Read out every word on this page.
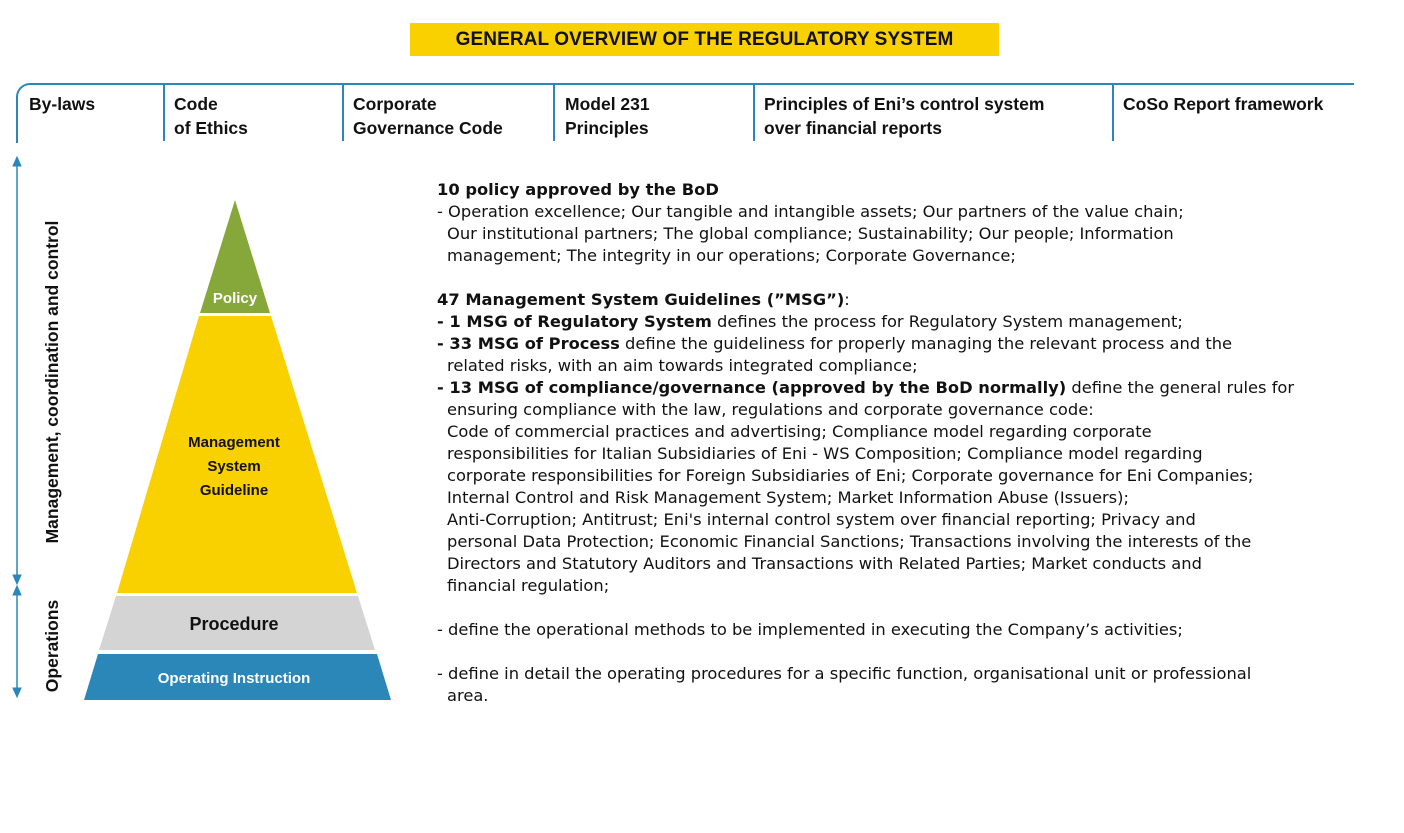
GENERAL OVERVIEW OF THE REGULATORY SYSTEM
By-laws	Code
of Ethics
Corporate
Governance Code
Model 231
Principles
Principles of Eni’s control system
over financial reports
CoSo Report framework
Policy
Management
System
Guideline
Procedure
Operating Instruction
Management, coordination and control
Operations

10 policy approved by the BoD

- Operation excellence; Our tangible and intangible assets; Our partners of the value chain;

Our institutional partners; The global compliance; Sustainability; Our people; Information

management; The integrity in our operations; Corporate Governance;

47 Management System Guidelines (”MSG”):

- 1 MSG of Regulatory System defines the process for Regulatory System management;

- 33 MSG of Process define the guideliness for properly managing the relevant process and the

related risks, with an aim towards integrated compliance;

- 13 MSG of compliance/governance (approved by the BoD normally) define the general rules for

ensuring compliance with the law, regulations and corporate governance code:

Code of commercial practices and advertising; Compliance model regarding corporate

responsibilities for Italian Subsidiaries of Eni - WS Composition; Compliance model regarding

corporate responsibilities for Foreign Subsidiaries of Eni; Corporate governance for Eni Companies;

Internal Control and Risk Management System; Market Information Abuse (Issuers);

Anti-Corruption; Antitrust; Eni's internal control system over financial reporting; Privacy and

personal Data Protection; Economic Financial Sanctions; Transactions involving the interests of the

Directors and Statutory Auditors and Transactions with Related Parties; Market conducts and

financial regulation;

- define the operational methods to be implemented in executing the Company’s activities;

- define in detail the operating procedures for a specific function, organisational unit or professional

area.
